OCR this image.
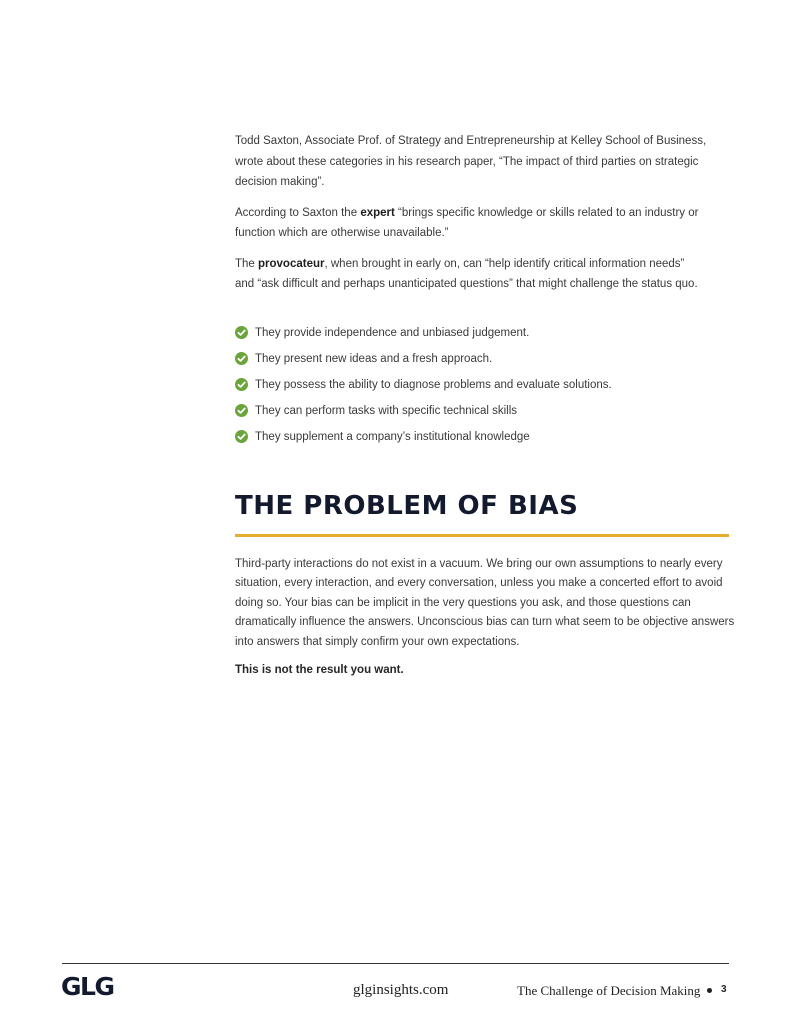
Todd Saxton, Associate Prof. of Strategy and Entrepreneurship at Kelley School of Business, wrote about these categories in his research paper, “The impact of third parties on strategic decision making”.

According to Saxton the expert “brings specific knowledge or skills related to an industry or function which are otherwise unavailable.”

The provocateur, when brought in early on, can “help identify critical information needs” and “ask difficult and perhaps unanticipated questions” that might challenge the status quo.

They provide independence and unbiased judgement.
They present new ideas and a fresh approach.
They possess the ability to diagnose problems and evaluate solutions.
They can perform tasks with specific technical skills
They supplement a company’s institutional knowledge
THE PROBLEM OF BIAS

Third-party interactions do not exist in a vacuum. We bring our own assumptions to nearly every situation, every interaction, and every conversation, unless you make a concerted effort to avoid doing so. Your bias can be implicit in the very questions you ask, and those questions can dramatically influence the answers. Unconscious bias can turn what seem to be objective answers into answers that simply confirm your own expectations.

This is not the result you want.

GLG	glginsights.com	The Challenge of Decision Making 3
